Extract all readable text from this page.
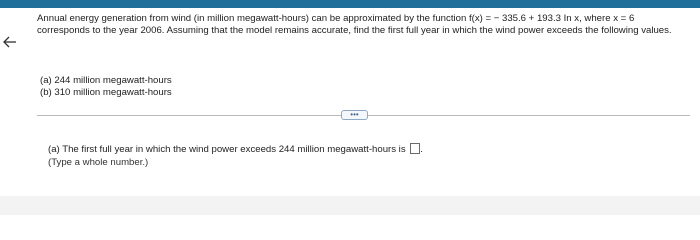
Annual energy generation from wind (in million megawatt-hours) can be approximated by the function f(x) = − 335.6 + 193.3 In x, where x = 6 corresponds to the year 2006. Assuming that the model remains accurate, find the first full year in which the wind power exceeds the following values.
(a) 244 million megawatt-hours
(b) 310 million megawatt-hours
•••
(a) The first full year in which the wind power exceeds 244 million megawatt-hours is .
(Type a whole number.)
